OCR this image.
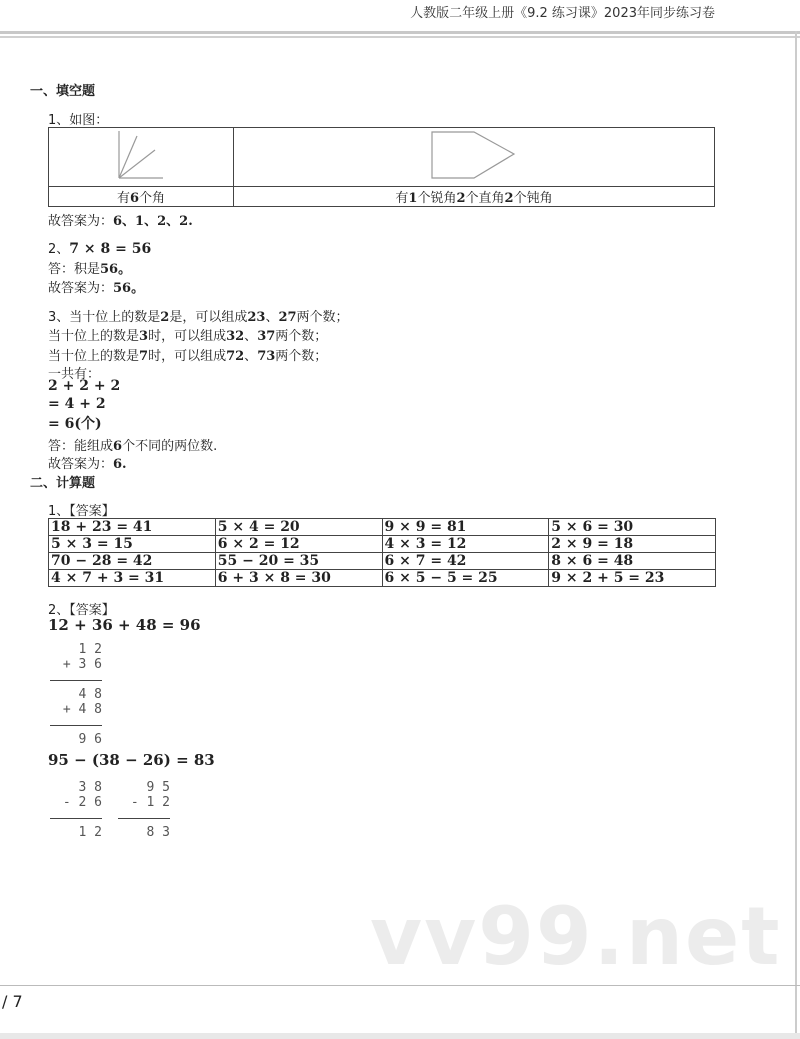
人教版二年级上册《9.2 练习课》2023年同步练习卷
一、填空题
1、如图：

有6个角	有1个锐角2个直角2个钝角
故答案为：6、1、2、2.
2、7 × 8 = 56
答：积是56。
故答案为：56。
3、当十位上的数是2是，可以组成23、27两个数；
当十位上的数是3时，可以组成32、37两个数；
当十位上的数是7时，可以组成72、73两个数；
一共有：
2 + 2 + 2
= 4 + 2
= 6(个)
答：能组成6个不同的两位数.
故答案为：6.
二、计算题
1、【答案】
18 + 23 = 41	5 × 4 = 20	9 × 9 = 81	5 × 6 = 30
5 × 3 = 15	6 × 2 = 12	4 × 3 = 12	2 × 9 = 18
70 − 28 = 42	55 − 20 = 35	6 × 7 = 42	8 × 6 = 48
4 × 7 + 3 = 31	6 + 3 × 8 = 30	6 × 5 − 5 = 25	9 × 2 + 5 = 23
2、【答案】
12 + 36 + 48 = 96
1 2
+ 3 6
4 8
+ 4 8
9 6
95 − (38 − 26) = 83
3 8
- 2 6
1 2
9 5
- 1 2
8 3
vv99.net
/ 7
